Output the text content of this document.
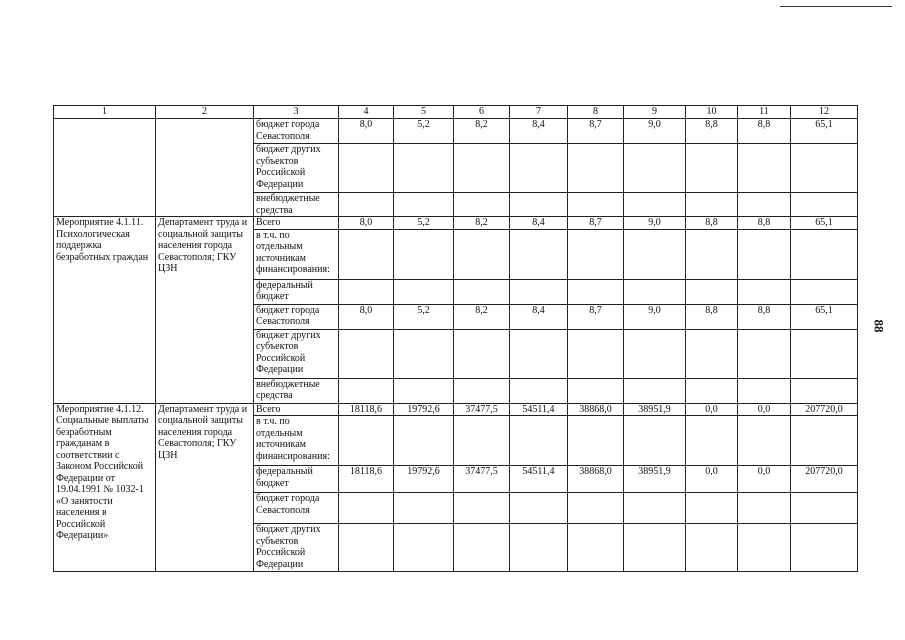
88
1	2	3	4	5	6	7	8	9	10	11	12
		бюджет города Севастополя	8,0	5,2	8,2	8,4	8,7	9,0	8,8	8,8	65,1
		бюджет других субъектов Российской Федерации									
		внебюджетные средства									
Мероприятие 4.1.11. Психологическая поддержка безработных граждан	Департамент труда и социальной защиты населения города Севастополя; ГКУ ЦЗН	Всего	8,0	5,2	8,2	8,4	8,7	9,0	8,8	8,8	65,1
		в т.ч. по отдельным источникам финансирования:									
		федеральный бюджет									
		бюджет города Севастополя	8,0	5,2	8,2	8,4	8,7	9,0	8,8	8,8	65,1
		бюджет других субъектов Российской Федерации									
		внебюджетные средства									
Мероприятие 4.1.12. Социальные выплаты безработным гражданам в соответствии с Законом Российской Федерации от 19.04.1991 № 1032-1 «О занятости населения в Российской Федерации»	Департамент труда и социальной защиты населения города Севастополя; ГКУ ЦЗН	Всего	18118,6	19792,6	37477,5	54511,4	38868,0	38951,9	0,0	0,0	207720,0
		в т.ч. по отдельным источникам финансирования:									
		федеральный бюджет	18118,6	19792,6	37477,5	54511,4	38868,0	38951,9	0,0	0,0	207720,0
		бюджет города Севастополя									
		бюджет других субъектов Российской Федерации									
